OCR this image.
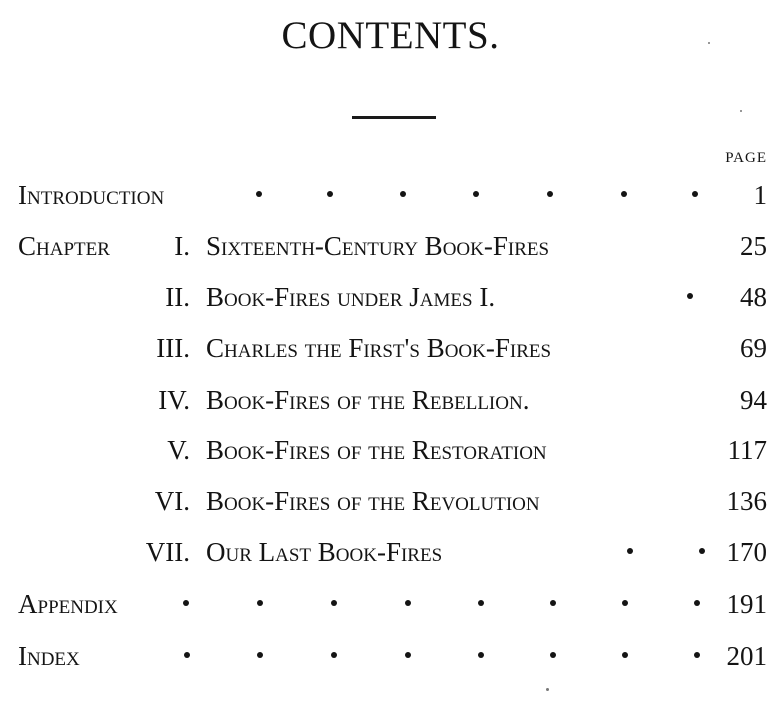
CONTENTS.
PAGE
Introduction	1
Chapter I. Sixteenth-Century Book-Fires	25
II. Book-Fires under James I.	48
III. Charles the First's Book-Fires	69
IV. Book-Fires of the Rebellion.	94
V. Book-Fires of the Restoration	117
VI. Book-Fires of the Revolution	136
VII. Our Last Book-Fires	170
Appendix	191
Index	201
